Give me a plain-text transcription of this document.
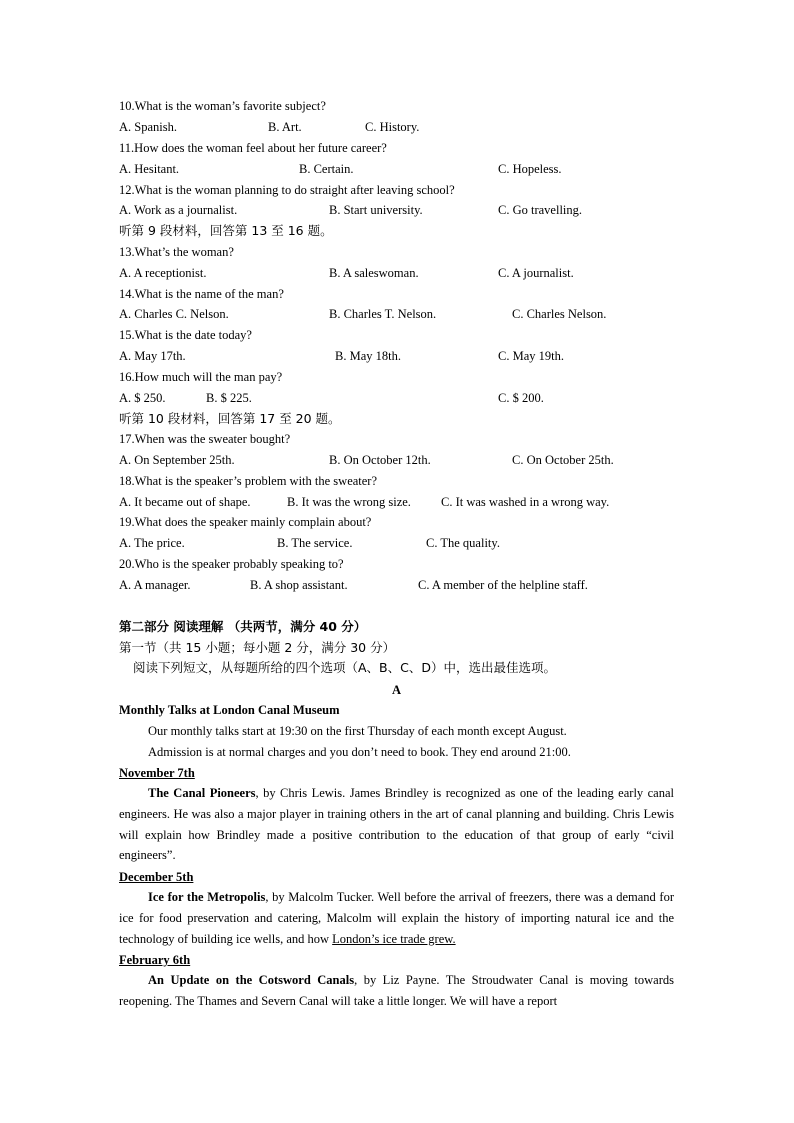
10.What is the woman’s favorite subject?
A. Spanish.	B. Art.	C. History.
11.How does the woman feel about her future career?
A. Hesitant.	B. Certain.	C. Hopeless.
12.What is the woman planning to do straight after leaving school?
A. Work as a journalist.	B. Start university.	C. Go travelling.
听第 9 段材料，回答第 13 至 16 题。
13.What’s the woman?
A. A receptionist.	B. A saleswoman.	C. A journalist.
14.What is the name of the man?
A. Charles C. Nelson.	B. Charles T. Nelson.	C. Charles Nelson.
15.What is the date today?
A. May 17th.	B. May 18th.	C. May 19th.
16.How much will the man pay?
A. $ 250.	B. $ 225.	C. $ 200.
听第 10 段材料，回答第 17 至 20 题。
17.When was the sweater bought?
A. On September 25th.	B. On October 12th.	C. On October 25th.
18.What is the speaker’s problem with the sweater?
A. It became out of shape.	B. It was the wrong size. C. It was washed in a wrong way.
19.What does the speaker mainly complain about?
A. The price.	B. The service.	C. The quality.
20.Who is the speaker probably speaking to?
A. A manager.	B. A shop assistant.	C. A member of the helpline staff.
第二部分 阅读理解 （共两节，满分 40 分）
第一节（共 15 小题；每小题 2 分，满分 30 分）
阅读下列短文，从每题所给的四个选项（A、B、C、D）中，选出最佳选项。
A
Monthly Talks at London Canal Museum
Our monthly talks start at 19:30 on the first Thursday of each month except August.
Admission is at normal charges and you don’t need to book. They end around 21:00.
November 7th
The Canal Pioneers, by Chris Lewis. James Brindley is recognized as one of the leading early canal engineers. He was also a major player in training others in the art of canal planning and building. Chris Lewis will explain how Brindley made a positive contribution to the education of that group of early “civil engineers”.
December 5th
Ice for the Metropolis, by Malcolm Tucker. Well before the arrival of freezers, there was a demand for ice for food preservation and catering, Malcolm will explain the history of importing natural ice and the technology of building ice wells, and how London’s ice trade grew.
February 6th
An Update on the Cotsword Canals, by Liz Payne. The Stroudwater Canal is moving towards reopening. The Thames and Severn Canal will take a little longer. We will have a report
